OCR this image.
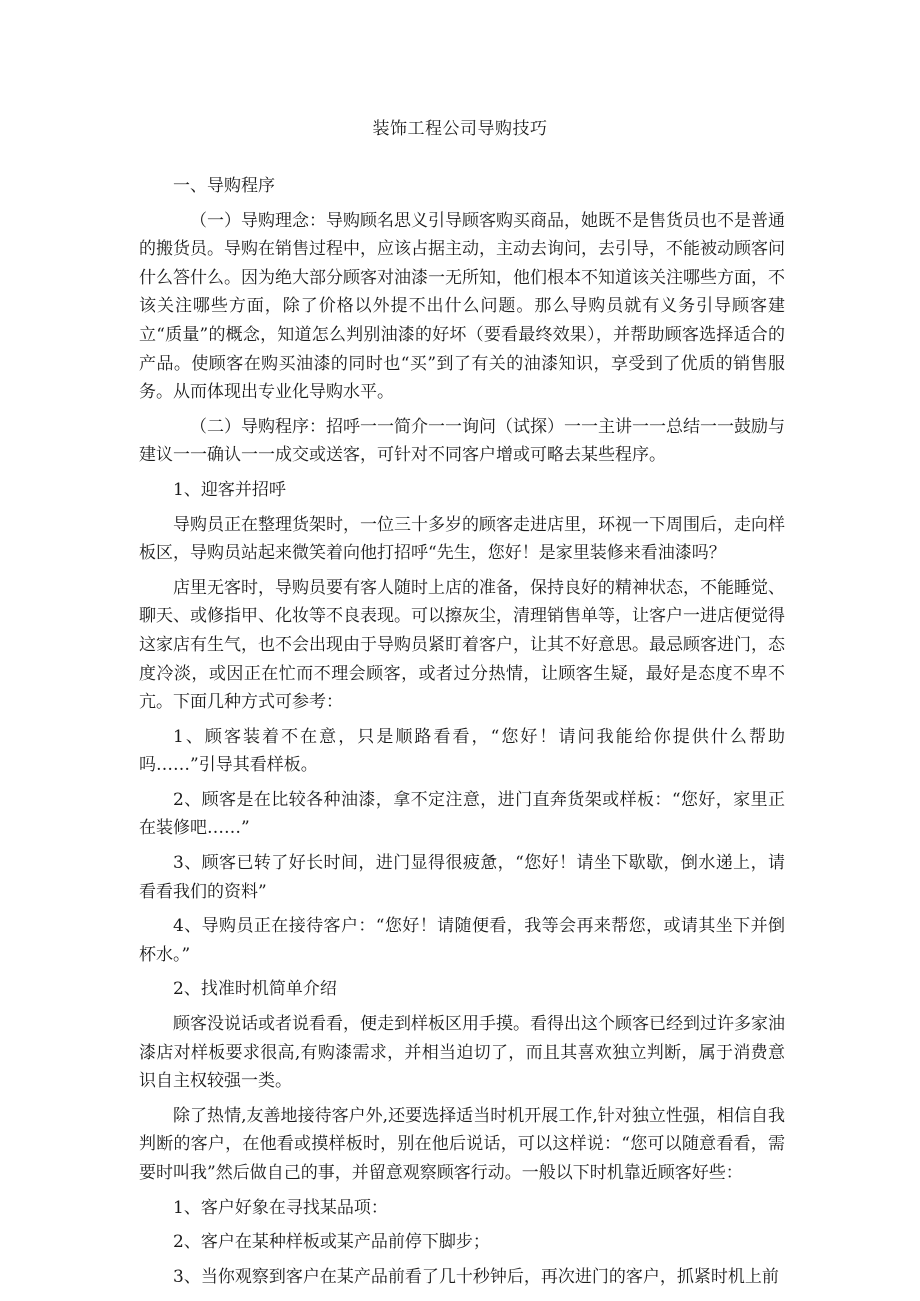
装饰工程公司导购技巧

一、导购程序

（一）导购理念：导购顾名思义引导顾客购买商品，她既不是售货员也不是普通的搬货员。导购在销售过程中，应该占据主动，主动去询问，去引导，不能被动顾客问什么答什么。因为绝大部分顾客对油漆一无所知，他们根本不知道该关注哪些方面，不该关注哪些方面，除了价格以外提不出什么问题。那么导购员就有义务引导顾客建立“质量”的概念，知道怎么判别油漆的好坏（要看最终效果），并帮助顾客选择适合的产品。使顾客在购买油漆的同时也“买”到了有关的油漆知识，享受到了优质的销售服务。从而体现出专业化导购水平。

（二）导购程序：招呼一一简介一一询问（试探）一一主讲一一总结一一鼓励与建议一一确认一一成交或送客，可针对不同客户增或可略去某些程序。

1、迎客并招呼

导购员正在整理货架时，一位三十多岁的顾客走进店里，环视一下周围后，走向样板区，导购员站起来微笑着向他打招呼“先生，您好！是家里装修来看油漆吗？

店里无客时，导购员要有客人随时上店的准备，保持良好的精神状态，不能睡觉、聊天、或修指甲、化妆等不良表现。可以擦灰尘，清理销售单等，让客户一进店便觉得这家店有生气，也不会出现由于导购员紧盯着客户，让其不好意思。最忌顾客进门，态度冷淡，或因正在忙而不理会顾客，或者过分热情，让顾客生疑，最好是态度不卑不亢。下面几种方式可参考：

1、顾客装着不在意，只是顺路看看，“您好！请问我能给你提供什么帮助吗……”引导其看样板。

2、顾客是在比较各种油漆，拿不定注意，进门直奔货架或样板：“您好，家里正在装修吧……”

3、顾客已转了好长时间，进门显得很疲惫，“您好！请坐下歇歇，倒水递上，请看看我们的资料”

4、导购员正在接待客户：“您好！请随便看，我等会再来帮您，或请其坐下并倒杯水。”

2、找准时机简单介绍

顾客没说话或者说看看，便走到样板区用手摸。看得出这个顾客已经到过许多家油漆店对样板要求很高,有购漆需求，并相当迫切了，而且其喜欢独立判断，属于消费意识自主权较强一类。

除了热情,友善地接待客户外,还要选择适当时机开展工作,针对独立性强，相信自我判断的客户，在他看或摸样板时，别在他后说话，可以这样说：“您可以随意看看，需要时叫我”然后做自己的事，并留意观察顾客行动。一般以下时机靠近顾客好些：

1、客户好象在寻找某品项：

2、客户在某种样板或某产品前停下脚步；

3、当你观察到客户在某产品前看了几十秒钟后，再次进门的客户，抓紧时机上前
